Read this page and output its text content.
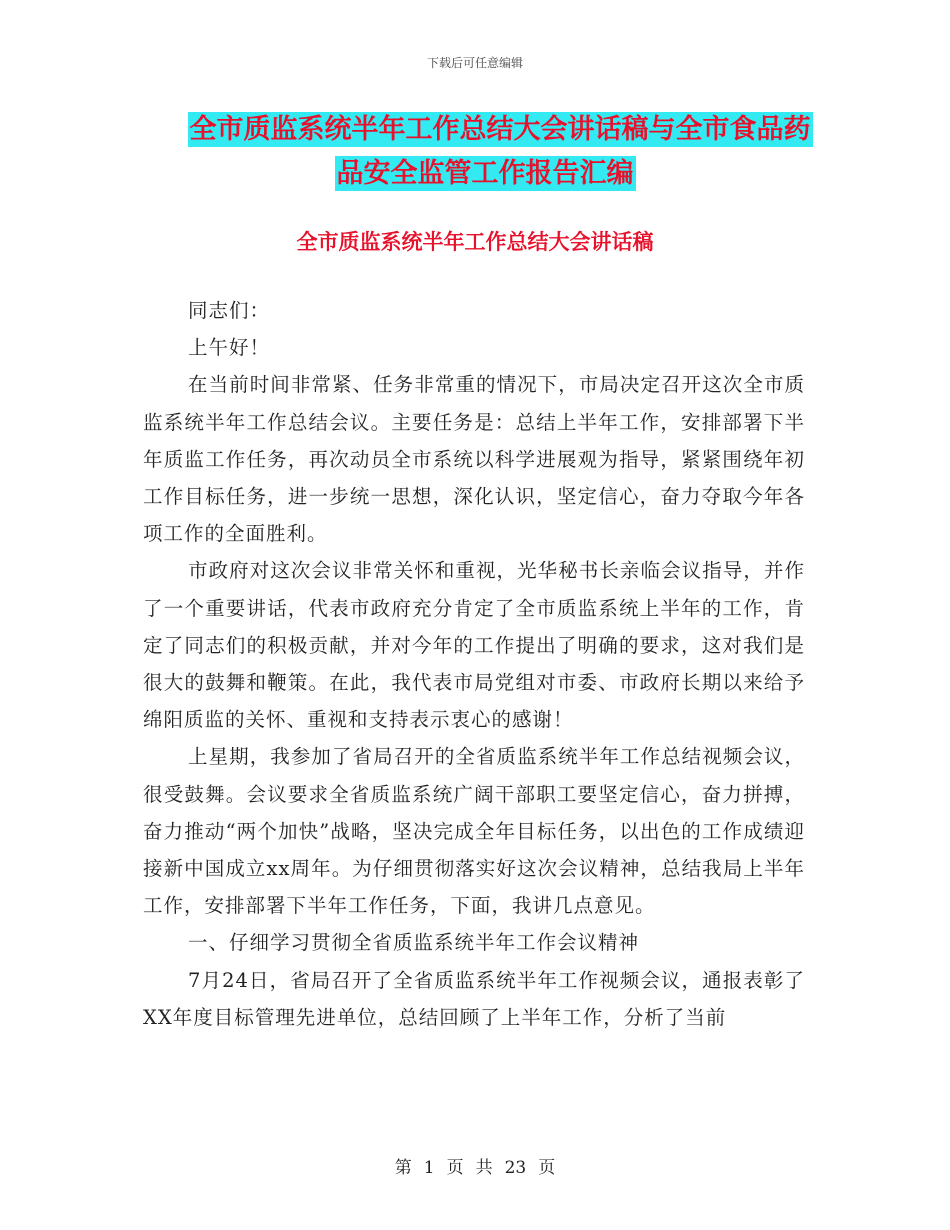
下载后可任意编辑
全市质监系统半年工作总结大会讲话稿与全市食品药
品安全监管工作报告汇编
全市质监系统半年工作总结大会讲话稿

同志们：

上午好！

在当前时间非常紧、任务非常重的情况下，市局决定召开这次全市质监系统半年工作总结会议。主要任务是：总结上半年工作，安排部署下半年质监工作任务，再次动员全市系统以科学进展观为指导，紧紧围绕年初工作目标任务，进一步统一思想，深化认识，坚定信心，奋力夺取今年各项工作的全面胜利。

市政府对这次会议非常关怀和重视，光华秘书长亲临会议指导，并作了一个重要讲话，代表市政府充分肯定了全市质监系统上半年的工作，肯定了同志们的积极贡献，并对今年的工作提出了明确的要求，这对我们是很大的鼓舞和鞭策。在此，我代表市局党组对市委、市政府长期以来给予绵阳质监的关怀、重视和支持表示衷心的感谢！

上星期，我参加了省局召开的全省质监系统半年工作总结视频会议，很受鼓舞。会议要求全省质监系统广阔干部职工要坚定信心，奋力拼搏，奋力推动“两个加快”战略，坚决完成全年目标任务，以出色的工作成绩迎接新中国成立xx周年。为仔细贯彻落实好这次会议精神，总结我局上半年工作，安排部署下半年工作任务，下面，我讲几点意见。

一、仔细学习贯彻全省质监系统半年工作会议精神

7月24日，省局召开了全省质监系统半年工作视频会议，通报表彰了XX年度目标管理先进单位，总结回顾了上半年工作，分析了当前

第 1 页 共 23 页
